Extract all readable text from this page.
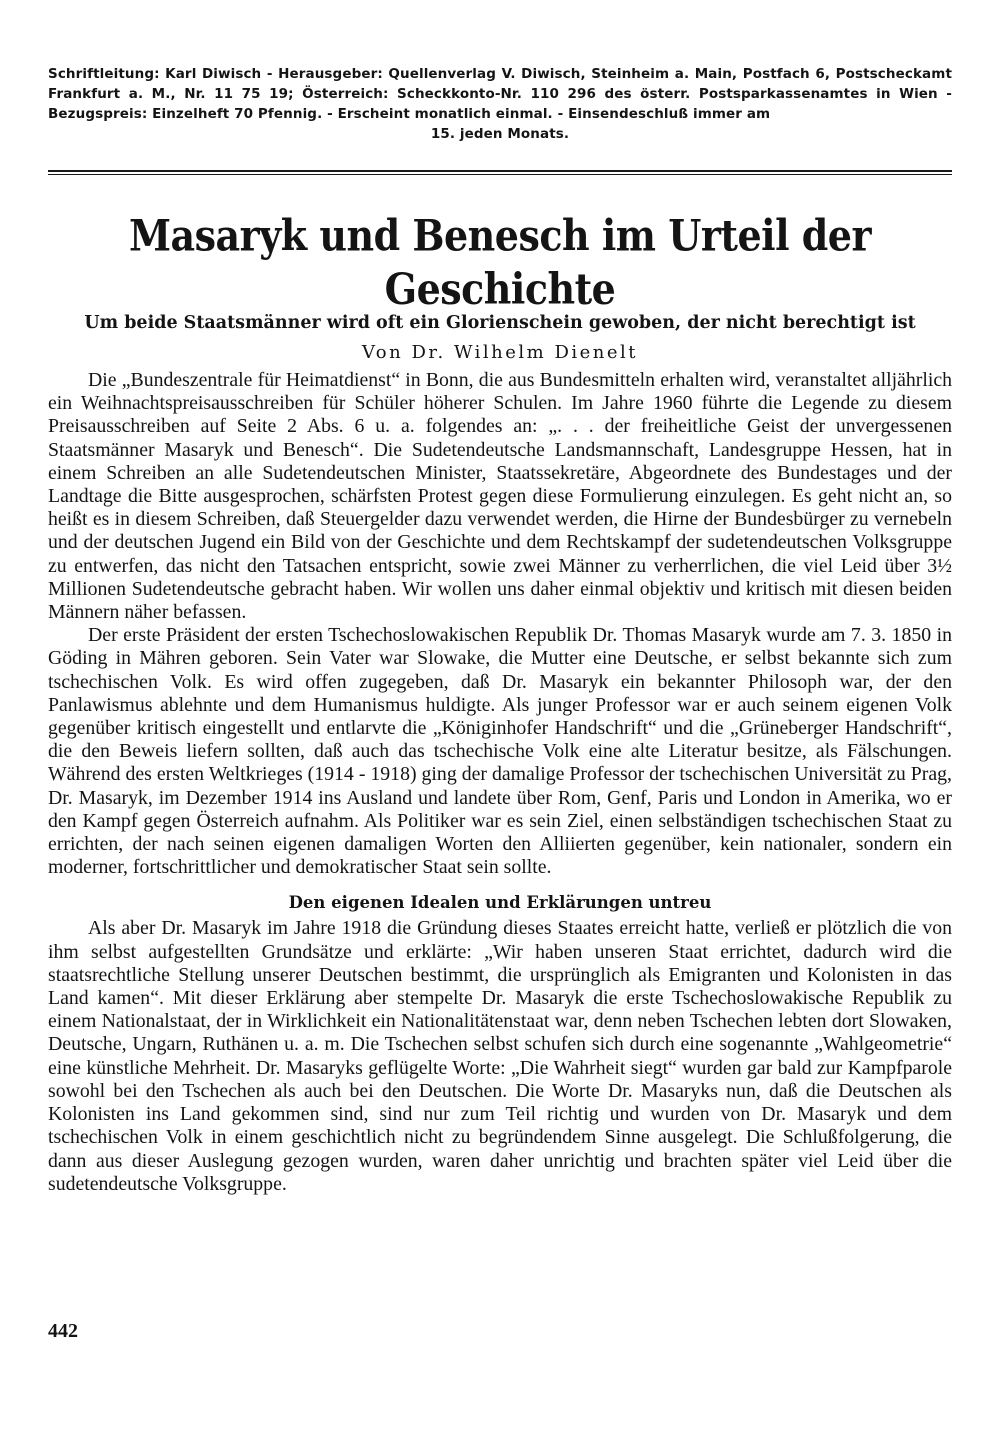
Schriftleitung: Karl Diwisch - Herausgeber: Quellenverlag V. Diwisch, Steinheim a. Main, Postfach 6, Postscheckamt Frankfurt a. M., Nr. 11 75 19; Österreich: Scheckkonto-Nr. 110 296 des österr. Postsparkassenamtes in Wien - Bezugspreis: Einzelheft 70 Pfennig. - Erscheint monatlich einmal. - Einsendeschluß immer am
15. jeden Monats.
Masaryk und Benesch im Urteil der Geschichte
Um beide Staatsmänner wird oft ein Glorienschein gewoben, der nicht berechtigt ist
Von Dr. Wilhelm Dienelt

Die „Bundeszentrale für Heimatdienst“ in Bonn, die aus Bundesmitteln erhalten wird, veranstaltet alljährlich ein Weihnachtspreisausschreiben für Schüler höherer Schulen. Im Jahre 1960 führte die Legende zu diesem Preisausschreiben auf Seite 2 Abs. 6 u. a. folgendes an: „. . . der freiheitliche Geist der unvergessenen Staatsmänner Masaryk und Benesch“. Die Sudetendeutsche Landsmannschaft, Landesgruppe Hessen, hat in einem Schreiben an alle Sudetendeutschen Minister, Staatssekretäre, Abgeordnete des Bundestages und der Landtage die Bitte ausgesprochen, schärfsten Protest gegen diese Formulierung einzulegen. Es geht nicht an, so heißt es in diesem Schreiben, daß Steuergelder dazu verwendet werden, die Hirne der Bundesbürger zu vernebeln und der deutschen Jugend ein Bild von der Geschichte und dem Rechtskampf der sudetendeutschen Volksgruppe zu entwerfen, das nicht den Tatsachen entspricht, sowie zwei Männer zu verherrlichen, die viel Leid über 3½ Millionen Sudetendeutsche gebracht haben. Wir wollen uns daher einmal objektiv und kritisch mit diesen beiden Männern näher befassen.

Der erste Präsident der ersten Tschechoslowakischen Republik Dr. Thomas Masaryk wurde am 7. 3. 1850 in Göding in Mähren geboren. Sein Vater war Slowake, die Mutter eine Deutsche, er selbst bekannte sich zum tschechischen Volk. Es wird offen zugegeben, daß Dr. Masaryk ein bekannter Philosoph war, der den Panlawismus ablehnte und dem Humanismus huldigte. Als junger Professor war er auch seinem eigenen Volk gegenüber kritisch eingestellt und entlarvte die „Königinhofer Handschrift“ und die „Grüneberger Handschrift“, die den Beweis liefern sollten, daß auch das tschechische Volk eine alte Literatur besitze, als Fälschungen. Während des ersten Weltkrieges (1914 - 1918) ging der damalige Professor der tschechischen Universität zu Prag, Dr. Masaryk, im Dezember 1914 ins Ausland und landete über Rom, Genf, Paris und London in Amerika, wo er den Kampf gegen Österreich aufnahm. Als Politiker war es sein Ziel, einen selbständigen tschechischen Staat zu errichten, der nach seinen eigenen damaligen Worten den Alliierten gegenüber, kein nationaler, sondern ein moderner, fortschrittlicher und demokratischer Staat sein sollte.

Den eigenen Idealen und Erklärungen untreu

Als aber Dr. Masaryk im Jahre 1918 die Gründung dieses Staates erreicht hatte, verließ er plötzlich die von ihm selbst aufgestellten Grundsätze und erklärte: „Wir haben unseren Staat errichtet, dadurch wird die staatsrechtliche Stellung unserer Deutschen bestimmt, die ursprünglich als Emigranten und Kolonisten in das Land kamen“. Mit dieser Erklärung aber stempelte Dr. Masaryk die erste Tschechoslowakische Republik zu einem Nationalstaat, der in Wirklichkeit ein Nationalitätenstaat war, denn neben Tschechen lebten dort Slowaken, Deutsche, Ungarn, Ruthänen u. a. m. Die Tschechen selbst schufen sich durch eine sogenannte „Wahlgeometrie“ eine künstliche Mehrheit. Dr. Masaryks geflügelte Worte: „Die Wahrheit siegt“ wurden gar bald zur Kampfparole sowohl bei den Tschechen als auch bei den Deutschen. Die Worte Dr. Masaryks nun, daß die Deutschen als Kolonisten ins Land gekommen sind, sind nur zum Teil richtig und wurden von Dr. Masaryk und dem tschechischen Volk in einem geschichtlich nicht zu begründendem Sinne ausgelegt. Die Schlußfolgerung, die dann aus dieser Auslegung gezogen wurden, waren daher unrichtig und brachten später viel Leid über die sudetendeutsche Volksgruppe.

442
